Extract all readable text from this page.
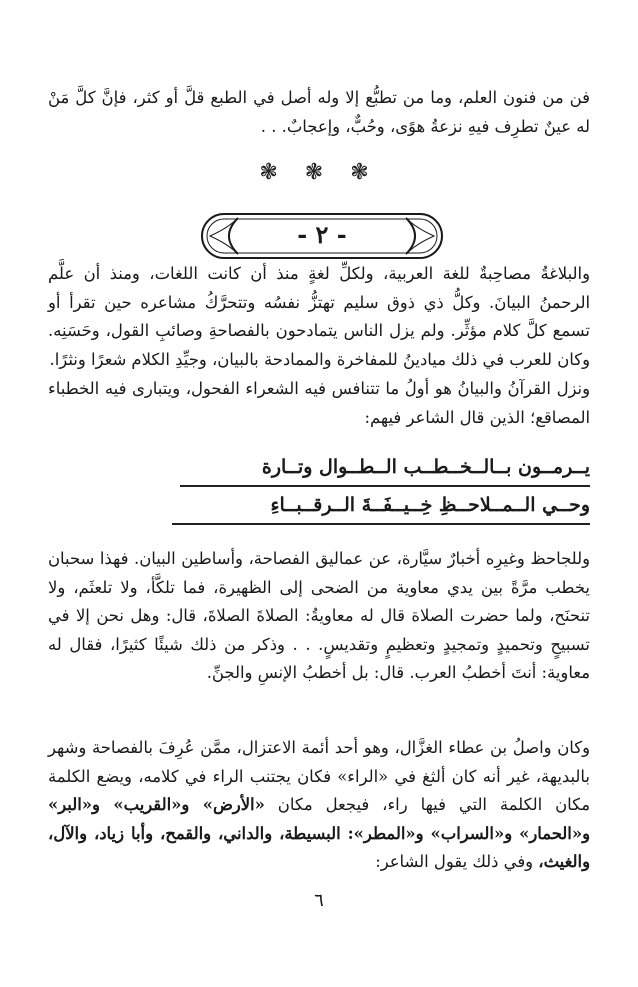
فن من فنون العلم، وما من تطبُّع إلا وله أصل في الطبع قلَّ أو كثر، فإنَّ كلَّ مَنْ له عينٌ تطرِف فيهِ نزعةُ هوًى، وحُبٌّ، وإعجابٌ. . .

❃ ❃ ❃
- ٢ -

والبلاغةُ مصاحِبةٌ للغة العربية، ولكلِّ لغةٍ منذ أن كانت اللغات، ومنذ أن علَّم الرحمنُ البيانَ. وكلُّ ذي ذوق سليم تهتزُّ نفسُه وتتحرَّكُ مشاعره حين تقرأ أو تسمع كلَّ كلام مؤثِّر. ولم يزل الناس يتمادحون بالفصاحةِ وصائبِ القول، وحَسَنِه. وكان للعرب في ذلك ميادينُ للمفاخرة والممادحة بالبيان، وجيِّدِ الكلام شعرًا ونثرًا.

ونزل القرآنُ والبيانُ هو أولُ ما تتنافس فيه الشعراء الفحول، ويتبارى فيه الخطباء المصاقع؛ الذين قال الشاعر فيهم:

يــرمــون بــالــخــطــب الــطــوال وتــارة
وحــي الــمــلاحــظِ خِــيــفَــةَ الــرقــبــاءِ

وللجاحظ وغيرِه أخبارٌ سيَّارة، عن عماليق الفصاحة، وأساطين البيان. فهذا سحبان يخطب مرَّةً بين يدي معاوية من الضحى إلى الظهيرة، فما تلكَّأ، ولا تلعثَم، ولا تنحنَح، ولما حضرت الصلاة قال له معاويةُ: الصلاةَ الصلاةَ، قال: وهل نحن إلا في تسبيحٍ وتحميدٍ وتمجيدٍ وتعظيمٍ وتقديسٍ. . . وذكر من ذلك شيئًا كثيرًا، فقال له معاوية: أنتَ أخطبُ العرب. قال: بل أخطبُ الإنسِ والجنِّ.

وكان واصلُ بن عطاء الغزَّال، وهو أحد أئمة الاعتزال، ممَّن عُرِفَ بالفصاحة وشهر بالبديهة، غير أنه كان ألثغ في «الراء» فكان يجتنب الراء في كلامه، ويضع الكلمة مكان الكلمة التي فيها راء، فيجعل مكان «الأرض» و«القريب» و«البر» و«الحمار» و«السراب» و«المطر»: البسيطة، والداني، والقمح، وأبا زياد، والآل، والغيث، وفي ذلك يقول الشاعر:

٦
